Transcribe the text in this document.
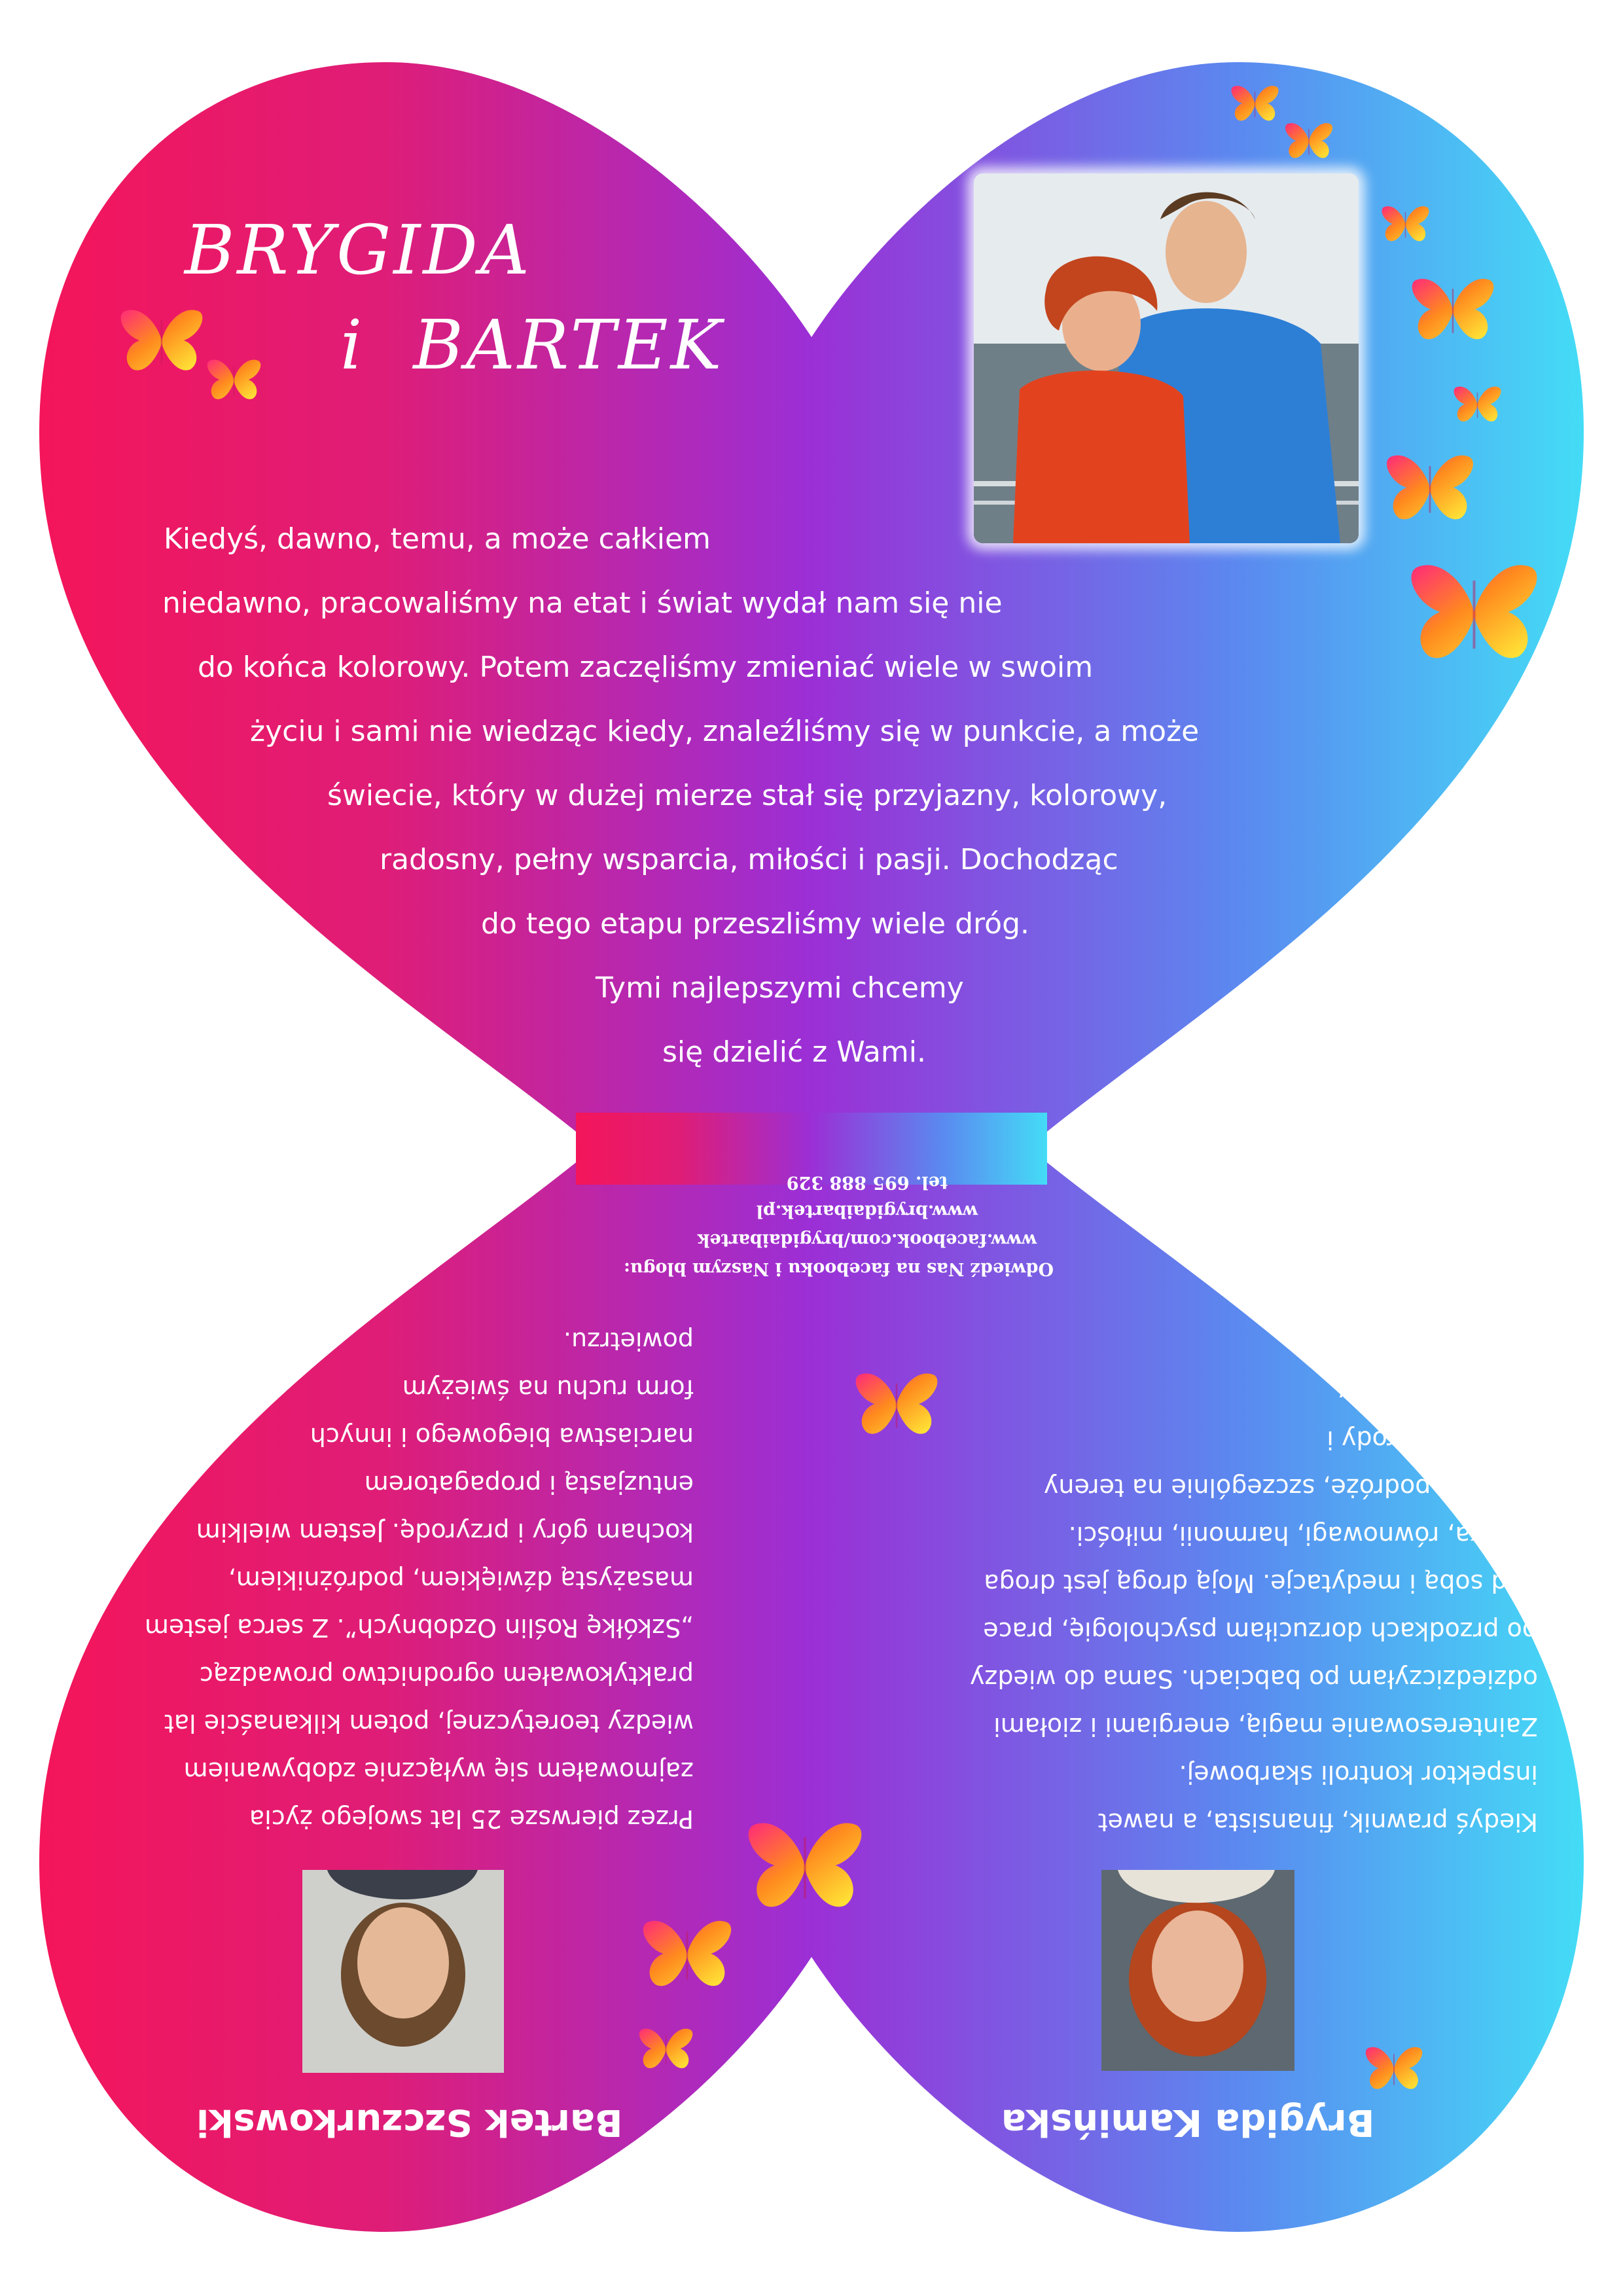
BRYGIDA
i  BARTEK
Kiedyś, dawno, temu, a może całkiem
niedawno, pracowaliśmy na etat i świat wydał nam się nie
do końca kolorowy. Potem zaczęliśmy zmieniać wiele w swoim
życiu i sami nie wiedząc kiedy, znaleźliśmy się w punkcie, a może
świecie, który w dużej mierze stał się przyjazny, kolorowy,
radosny, pełny wsparcia, miłości i pasji. Dochodząc
do tego etapu przeszliśmy wiele dróg.
Tymi najlepszymi chcemy
się dzielić z Wami.
Odwiedź Nas na facebooku i Naszym blogu:
www.facebook.com/brygidaibartek
www.brygidaibartek.pl
tel. 695 888 329
Przez pierwsze 25 lat swojego życia
zajmowałem się wyłącznie zdobywaniem
wiedzy teoretycznej, potem kilkanaście lat
praktykowałem ogrodnictwo prowadząc
„Szkółkę Roślin Ozdobnych”. Z serca jestem
masażystą dźwiękiem, podróżnikiem,
kocham góry i przyrodę. Jestem wielkim
entuzjastą i propagatorem
narciastwa biegowego i innych
form ruchu na świeżym
powietrzu.
Kiedyś prawnik, finansista, a nawet
inspektor kontroli skarbowej.
Zainteresowanie magią, energiami i ziołami
odziedziczyłam po babciach. Sama do wiedzy
po przodkach dorzuciłam psychologię, prace
nad sobą i medytacje. Moją drogą jest droga
środka, równowagi, harmonii, miłości.
Kocham podróże, szczególnie na tereny
dzikiej przyrody i
w miejsca mocy.
Bartek Szczurkowski	Brygida Kamińska
